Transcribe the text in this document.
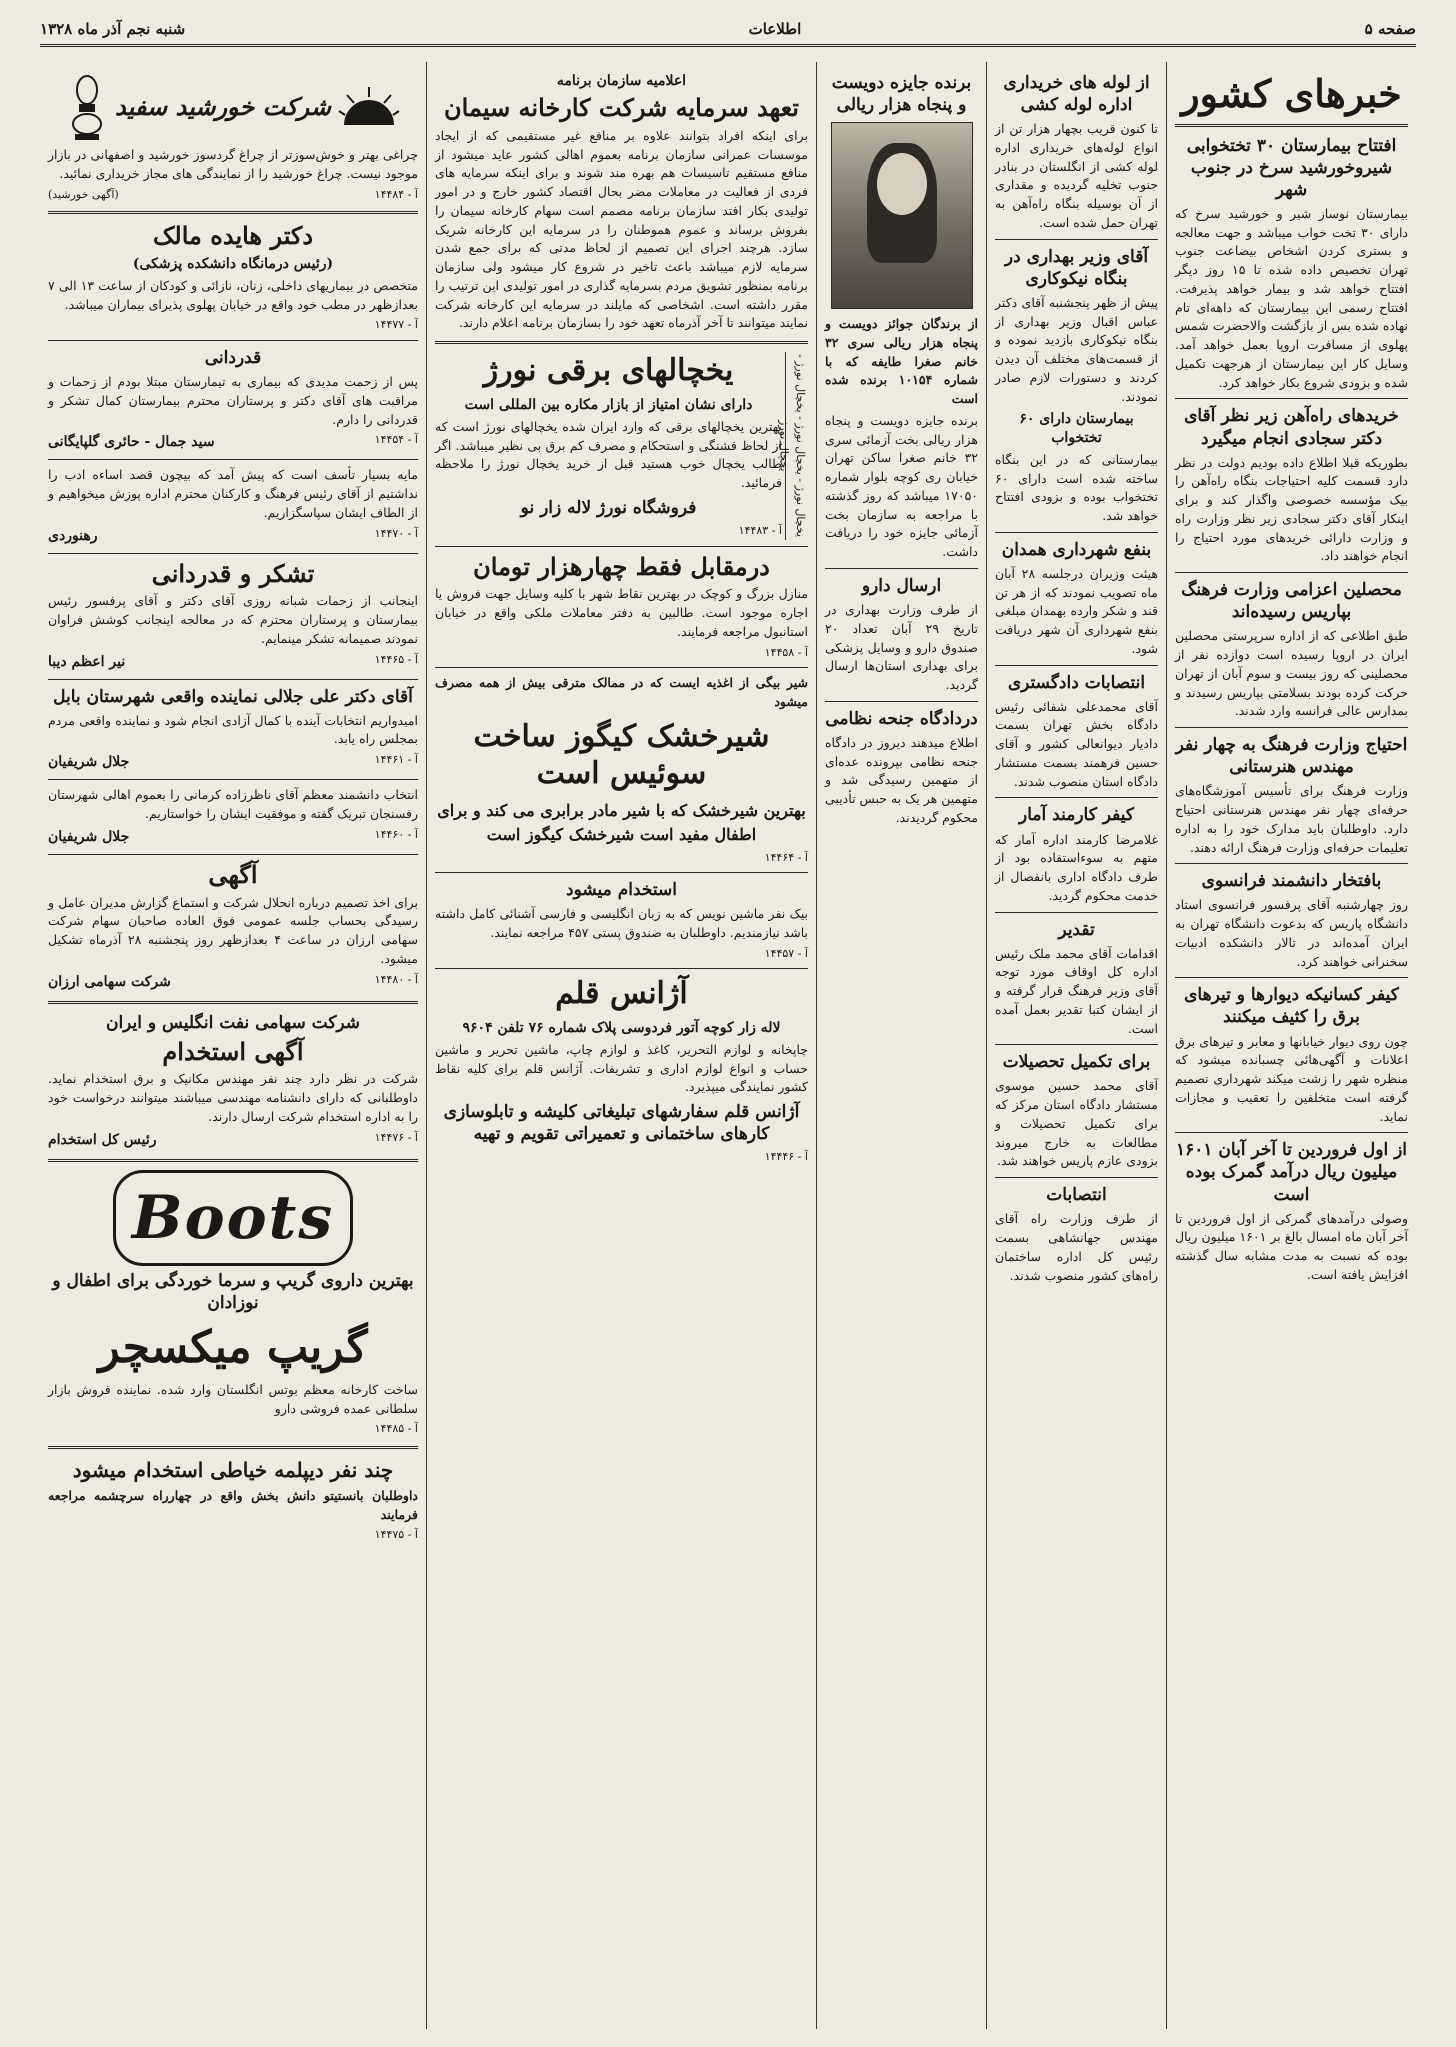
صفحه ۵
اطلاعات
شنبه نجم آذر ماه ۱۳۲۸
خبرهای کشور
افتتاح بیمارستان ۳۰ تختخوابی شیروخورشید سرخ در جنوب شهر

بیمارستان نوساز شیر و خورشید سرخ که دارای ۳۰ تخت خواب میباشد و جهت معالجه و بستری کردن اشخاص بیضاعت جنوب تهران تخصیص داده شده تا ۱۵ روز دیگر افتتاح خواهد شد و بیمار خواهد پذیرفت. افتتاح رسمی این بیمارستان که داهه‌ای تام نهاده شده بس از بازگشت والاحضرت شمس پهلوی از مسافرت اروپا بعمل خواهد آمد. وسایل کار این بیمارستان از هرجهت تکمیل شده و بزودی شروع بکار خواهد کرد.

خریدهای راه‌آهن زیر نظر آقای دکتر سجادی انجام میگیرد

بطوریکه قبلا اطلاع داده بودیم دولت در نظر دارد قسمت کلیه احتیاجات بنگاه راه‌آهن را بیک مؤسسه خصوصی واگذار کند و برای اینکار آقای دکتر سجادی زیر نظر وزارت راه و وزارت دارائی خریدهای مورد احتیاج را انجام خواهند داد.

محصلین اعزامی وزارت فرهنگ بپاریس رسیده‌اند

طبق اطلاعی که از اداره سرپرستی محصلین ایران در اروپا رسیده است دوازده نفر از محصلینی که روز بیست و سوم آبان از تهران حرکت کرده بودند بسلامتی بپاریس رسیدند و بمدارس عالی فرانسه وارد شدند.

احتیاج وزارت فرهنگ به چهار نفر مهندس هنرستانی

وزارت فرهنگ برای تأسیس آموزشگاه‌های حرفه‌ای چهار نفر مهندس هنرستانی احتیاج دارد. داوطلبان باید مدارک خود را به اداره تعلیمات حرفه‌ای وزارت فرهنگ ارائه دهند.

بافتخار دانشمند فرانسوی

روز چهارشنبه آقای پرفسور فرانسوی استاد دانشگاه پاریس که بدعوت دانشگاه تهران به ایران آمده‌اند در تالار دانشکده ادبیات سخنرانی خواهند کرد.

کیفر کسانیکه دیوارها و تیرهای برق را کثیف میکنند

چون روی دیوار خیابانها و معابر و تیرهای برق اعلانات و آگهی‌هائی چسبانده میشود که منظره شهر را زشت میکند شهرداری تصمیم گرفته است متخلفین را تعقیب و مجازات نماید.

از اول فروردین تا آخر آبان ۱۶۰۱ میلیون ریال درآمد گمرک بوده است

وصولی درآمدهای گمرکی از اول فروردین تا آخر آبان ماه امسال بالغ بر ۱۶۰۱ میلیون ریال بوده که نسبت به مدت مشابه سال گذشته افزایش یافته است.

از لوله های خریداری اداره لوله کشی

تا کنون قریب بچهار هزار تن از انواع لوله‌های خریداری اداره لوله کشی از انگلستان در بنادر جنوب تخلیه گردیده و مقداری از آن بوسیله بنگاه راه‌آهن به تهران حمل شده است.

آقای وزیر بهداری در بنگاه نیکوکاری

پیش از ظهر پنجشنبه آقای دکتر عباس اقبال وزیر بهداری از بنگاه نیکوکاری بازدید نموده و از قسمت‌های مختلف آن دیدن کردند و دستورات لازم صادر نمودند.

بیمارستان دارای ۶۰ تختخواب

بیمارستانی که در این بنگاه ساخته شده است دارای ۶۰ تختخواب بوده و بزودی افتتاح خواهد شد.

بنفع شهرداری همدان

هیئت وزیران درجلسه ۲۸ آبان ماه تصویب نمودند که از هر تن قند و شکر وارده بهمدان مبلغی بنفع شهرداری آن شهر دریافت شود.

انتصابات دادگستری

آقای محمدعلی شفائی رئیس دادگاه بخش تهران بسمت دادیار دیوانعالی کشور و آقای حسین فرهمند بسمت مستشار دادگاه استان منصوب شدند.

کیفر کارمند آمار

غلامرضا کارمند اداره آمار که متهم به سوءاستفاده بود از طرف دادگاه اداری بانفصال از خدمت محکوم گردید.

تقدیر

اقدامات آقای محمد ملک رئیس اداره کل اوقاف مورد توجه آقای وزیر فرهنگ قرار گرفته و از ایشان کتبا تقدیر بعمل آمده است.

برای تکمیل تحصیلات

آقای محمد حسین موسوی مستشار دادگاه استان مرکز که برای تکمیل تحصیلات و مطالعات به خارج میروند بزودی عازم پاریس خواهند شد.

انتصابات

از طرف وزارت راه آقای مهندس جهانشاهی بسمت رئیس کل اداره ساختمان راه‌های کشور منصوب شدند.

برنده جایزه دویست و پنجاه هزار ریالی

از برندگان جوائز دویست و پنجاه هزار ریالی سری ۳۲ خانم صغرا طایفه که با شماره ۱۰۱۵۴ برنده شده است

برنده جایزه دویست و پنجاه هزار ریالی بخت آزمائی سری ۳۲ خانم صغرا ساکن تهران خیابان ری کوچه بلوار شماره ۱۷۰۵۰ میباشد که روز گذشته با مراجعه به سازمان بخت آزمائی جایزه خود را دریافت داشت.

ارسال دارو

از طرف وزارت بهداری در تاریخ ۲۹ آبان تعداد ۲۰ صندوق دارو و وسایل پزشکی برای بهداری استان‌ها ارسال گردید.

دردادگاه جنحه نظامی

اطلاع میدهند دیروز در دادگاه جنحه نظامی بپرونده عده‌ای از متهمین رسیدگی شد و متهمین هر یک به حبس تأدیبی محکوم گردیدند.

اعلامیه سازمان برنامه
تعهد سرمایه شرکت کارخانه سیمان

برای اینکه افراد بتوانند علاوه بر منافع غیر مستقیمی که از ایجاد موسسات عمرانی سازمان برنامه بعموم اهالی کشور عاید میشود از منافع مستقیم تاسیسات هم بهره مند شوند و برای اینکه سرمایه های فردی از فعالیت در معاملات مضر بحال اقتصاد کشور خارج و در امور تولیدی بکار افتد سازمان برنامه مصمم است سهام کارخانه سیمان را بفروش برساند و عموم هموطنان را در سرمایه این کارخانه شریک سازد. هرچند اجرای این تصمیم از لحاظ مدتی که برای جمع شدن سرمایه لازم میباشد باعث تاخیر در شروع کار میشود ولی سازمان برنامه بمنظور تشویق مردم بسرمایه گذاری در امور تولیدی این ترتیب را مقرر داشته است. اشخاصی که مایلند در سرمایه این کارخانه شرکت نمایند میتوانند تا آخر آذرماه تعهد خود را بسازمان برنامه اعلام دارند.

یخچال نورژ - یخچال نورژ - یخچال نورژ - یخچال نورژ
یخچالهای برقی نورژ
دارای نشان امتیاز از بازار مکاره بین المللی است

بهترین یخچالهای برقی که وارد ایران شده یخچالهای نورژ است که از لحاظ قشنگی و استحکام و مصرف کم برق بی نظیر میباشد. اگر طالب یخچال خوب هستید قبل از خرید یخچال نورژ را ملاحظه فرمائید.

فروشگاه نورژ لاله زار نو
آ - ۱۴۴۸۳
درمقابل فقط چهارهزار تومان

منازل بزرگ و کوچک در بهترین نقاط شهر با کلیه وسایل جهت فروش یا اجاره موجود است. طالبین به دفتر معاملات ملکی واقع در خیابان استانبول مراجعه فرمایند.

آ - ۱۴۴۵۸

شیر بیگی از اغذیه ایست که در ممالک مترقی بیش از همه مصرف میشود

شیرخشک کیگوز ساخت سوئیس است

بهترین شیرخشک که با شیر مادر برابری می کند و برای اطفال مفید است شیرخشک کیگوز است

آ - ۱۴۴۶۴
استخدام میشود

بیک نفر ماشین نویس که به زبان انگلیسی و فارسی آشنائی کامل داشته باشد نیازمندیم. داوطلبان به صندوق پستی ۴۵۷ مراجعه نمایند.

آ - ۱۴۴۵۷
آژانس قلم
لاله زار کوچه آتور فردوسی پلاک شماره ۷۶ تلفن ۹۶۰۴

چاپخانه و لوازم التحریر، کاغذ و لوازم چاپ، ماشین تحریر و ماشین حساب و انواع لوازم اداری و تشریفات. آژانس قلم برای کلیه نقاط کشور نمایندگی میپذیرد.

آژانس قلم سفارشهای تبلیغاتی کلیشه و تابلوسازی کارهای ساختمانی و تعمیراتی تقویم و تهیه
آ - ۱۴۴۴۶
شرکت خورشید سفید

چراغی بهتر و خوش‌سوزتر از چراغ گردسوز خورشید و اصفهانی در بازار موجود نیست. چراغ خورشید را از نمایندگی های مجاز خریداری نمائید.

آ - ۱۴۴۸۴
(آگهی خورشید)
دکتر هایده مالک
(رئیس درمانگاه دانشکده پزشکی)

متخصص در بیماریهای داخلی، زنان، نازائی و کودکان از ساعت ۱۳ الی ۷ بعدازظهر در مطب خود واقع در خیابان پهلوی پذیرای بیماران میباشد.

آ - ۱۴۴۷۷
قدردانی

پس از زحمت مدیدی که بیماری به تیمارستان مبتلا بودم از زحمات و مراقبت های آقای دکتر و پرستاران محترم بیمارستان کمال تشکر و قدردانی را دارم.

آ - ۱۴۴۵۴
سید جمال - حائری گلپایگانی

مایه بسیار تأسف است که پیش آمد که بیچون قصد اساءه ادب را نداشتیم از آقای رئیس فرهنگ و کارکنان محترم اداره پوزش میخواهیم و از الطاف ایشان سپاسگزاریم.

آ - ۱۴۴۷۰
رهنوردی
تشکر و قدردانی

اینجانب از زحمات شبانه روزی آقای دکتر و آقای پرفسور رئیس بیمارستان و پرستاران محترم که در معالجه اینجانب کوشش فراوان نمودند صمیمانه تشکر مینمایم.

آ - ۱۴۴۶۵
نیر اعظم دیبا
آقای دکتر علی جلالی نماینده واقعی شهرستان بابل

امیدواریم انتخابات آینده با کمال آزادی انجام شود و نماینده واقعی مردم بمجلس راه یابد.

آ - ۱۴۴۶۱
جلال شریفیان

انتخاب دانشمند معظم آقای ناظرزاده کرمانی را بعموم اهالی شهرستان رفسنجان تبریک گفته و موفقیت ایشان را خواستاریم.

آ - ۱۴۴۶۰
جلال شریفیان
آگهی

برای اخذ تصمیم درباره انحلال شرکت و استماع گزارش مدیران عامل و رسیدگی بحساب جلسه عمومی فوق العاده صاحبان سهام شرکت سهامی ارزان در ساعت ۴ بعدازظهر روز پنجشنبه ۲۸ آذرماه تشکیل میشود.

آ - ۱۴۴۸۰
شرکت سهامی ارزان
شرکت سهامی نفت انگلیس و ایران
آگهی استخدام

شرکت در نظر دارد چند نفر مهندس مکانیک و برق استخدام نماید. داوطلبانی که دارای دانشنامه مهندسی میباشند میتوانند درخواست خود را به اداره استخدام شرکت ارسال دارند.

آ - ۱۴۴۷۶
رئیس کل استخدام
Boots
بهترین داروی گریپ و سرما خوردگی برای اطفال و نوزادان
گریپ میکسچر

ساخت کارخانه معظم بوتس انگلستان وارد شده. نماینده فروش بازار سلطانی عمده فروشی دارو

آ - ۱۴۴۸۵
چند نفر دیپلمه خیاطی استخدام میشود

داوطلبان بانستیتو دانش بخش واقع در چهارراه سرچشمه مراجعه فرمایند

آ - ۱۴۴۷۵
